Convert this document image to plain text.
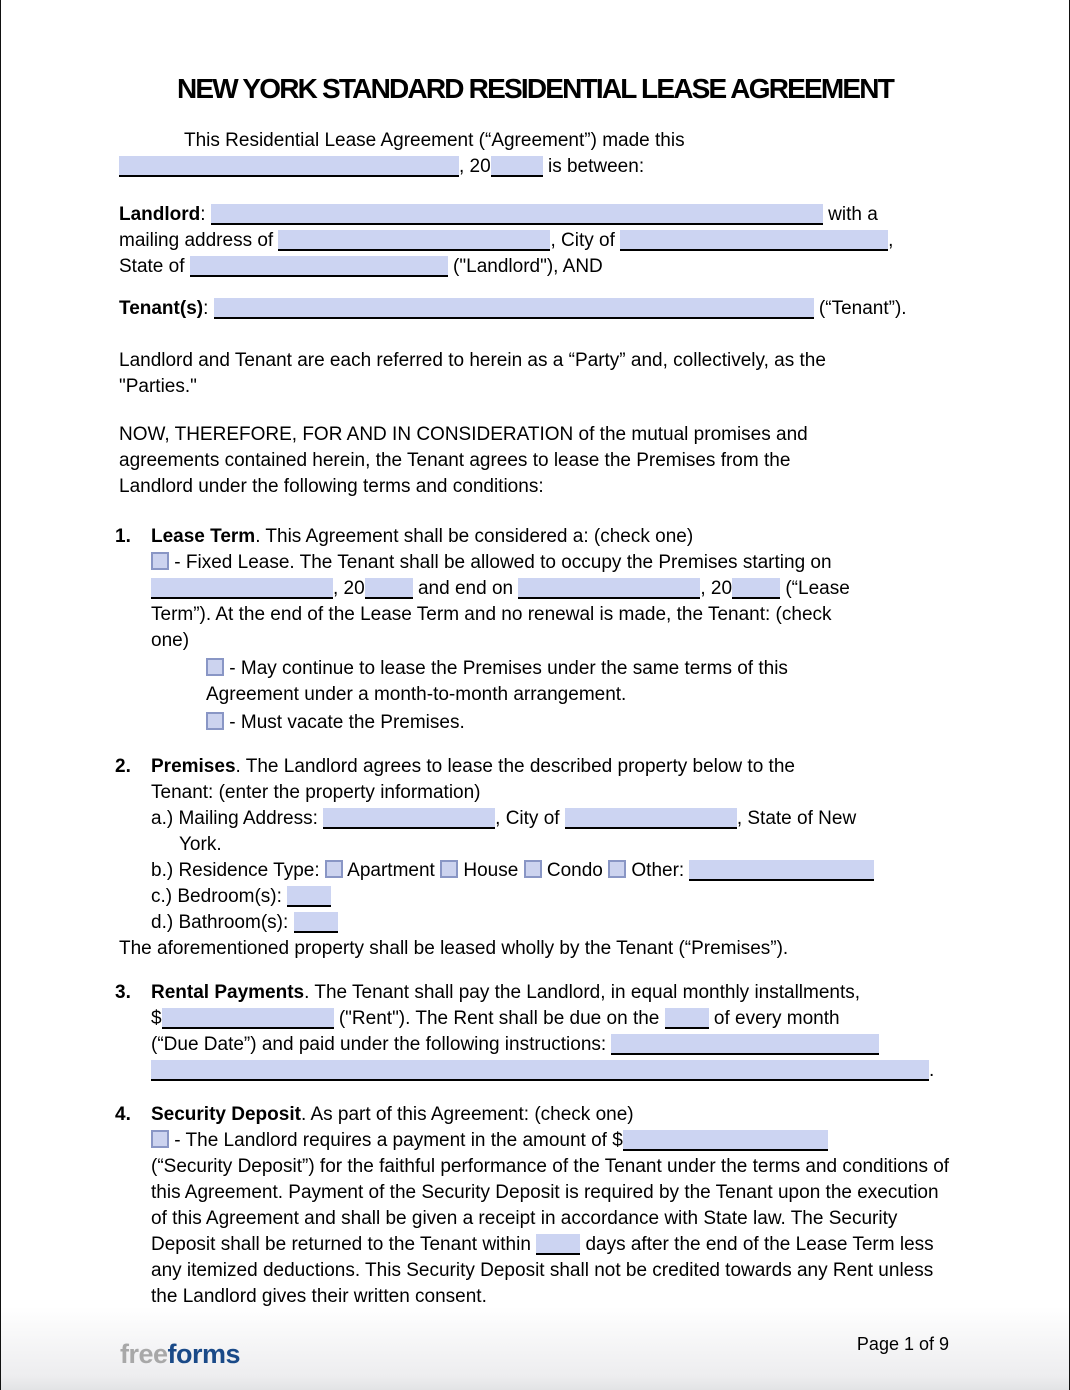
NEW YORK STANDARD RESIDENTIAL LEASE AGREEMENT
This Residential Lease Agreement (“Agreement”) made this , 20	is between:
Landlord:	with a
mailing address of	, City of	,
State of	("Landlord"), AND
Tenant(s):	(“Tenant”).
Landlord and Tenant are each referred to herein as a “Party” and, collectively, as the
"Parties."
NOW, THEREFORE, FOR AND IN CONSIDERATION of the mutual promises and
agreements contained herein, the Tenant agrees to lease the Premises from the
Landlord under the following terms and conditions:
1. Lease Term. This Agreement shall be considered a: (check one)
- Fixed Lease. The Tenant shall be allowed to occupy the Premises starting on , 20	and end on	, 20	(“Lease
Term”). At the end of the Lease Term and no renewal is made, the Tenant: (check
one)
- May continue to lease the Premises under the same terms of this
Agreement under a month-to-month arrangement.
- Must vacate the Premises.
2. Premises. The Landlord agrees to lease the described property below to the
Tenant: (enter the property information)
a.) Mailing Address:	, City of	, State of New
York.
b.) Residence Type:  Apartment  House  Condo  Other:
c.) Bedroom(s):
d.) Bathroom(s):
The aforementioned property shall be leased wholly by the Tenant (“Premises”).
3. Rental Payments. The Tenant shall pay the Landlord, in equal monthly installments,
$	("Rent"). The Rent shall be due on the  of every month
(“Due Date”) and paid under the following instructions:  .
4. Security Deposit. As part of this Agreement: (check one)
- The Landlord requires a payment in the amount of $
(“Security Deposit”) for the faithful performance of the Tenant under the terms and conditions of this Agreement. Payment of the Security Deposit is required by the Tenant upon the execution of this Agreement and shall be given a receipt in accordance with State law. The Security Deposit shall be returned to the Tenant within  days after the end of the Lease Term less any itemized deductions. This Security Deposit shall not be credited towards any Rent unless the Landlord gives their written consent.
freeforms	Page 1 of 9
